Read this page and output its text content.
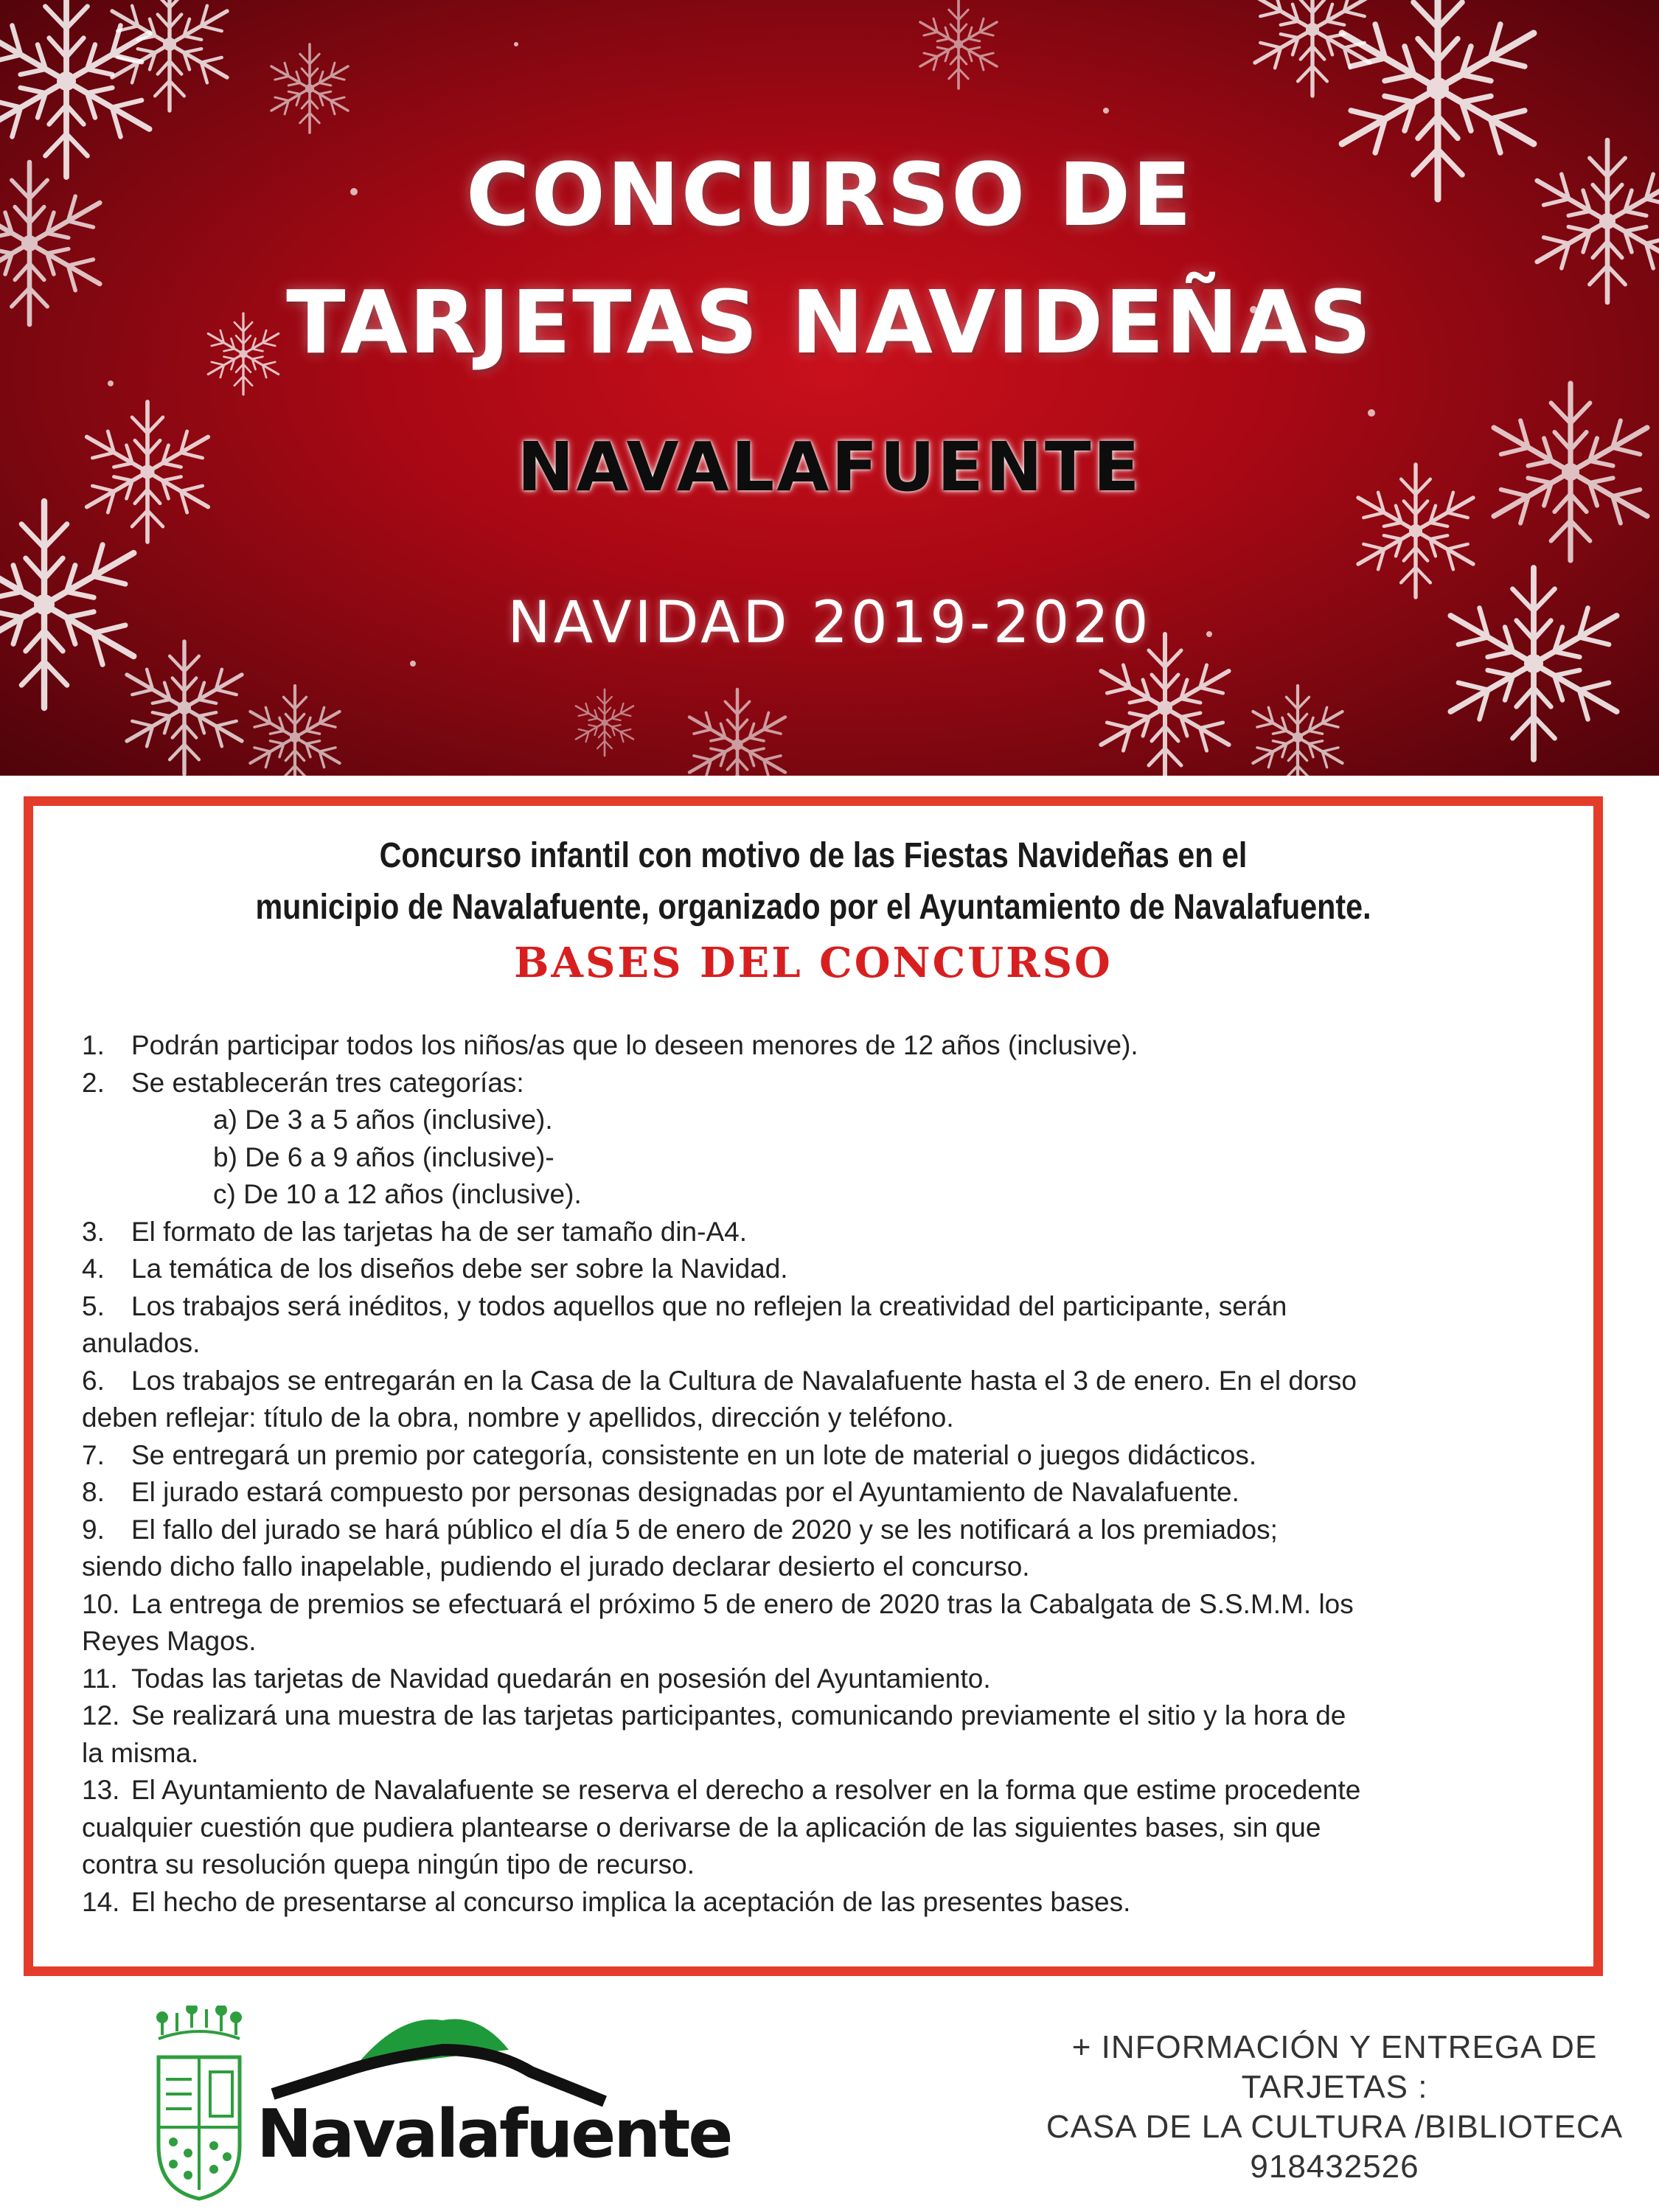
CONCURSO DE
TARJETAS NAVIDEÑAS
NAVALAFUENTE
NAVIDAD 2019-2020
Concurso infantil con motivo de las Fiestas Navideñas en el
municipio de Navalafuente, organizado por el Ayuntamiento de Navalafuente.
BASES DEL CONCURSO
1. Podrán participar todos los niños/as que lo deseen menores de 12 años (inclusive).
2. Se establecerán tres categorías:
a) De 3 a 5 años (inclusive).
b) De 6 a 9 años (inclusive)-
c) De 10 a 12 años (inclusive).
3. El formato de las tarjetas ha de ser tamaño din-A4.
4. La temática de los diseños debe ser sobre la Navidad.
5. Los trabajos será inéditos, y todos aquellos que no reflejen la creatividad del participante, serán
anulados.
6. Los trabajos se entregarán en la Casa de la Cultura de Navalafuente hasta el 3 de enero. En el dorso
deben reflejar: título de la obra, nombre y apellidos, dirección y teléfono.
7. Se entregará un premio por categoría, consistente en un lote de material o juegos didácticos.
8. El jurado estará compuesto por personas designadas por el Ayuntamiento de Navalafuente.
9. El fallo del jurado se hará público el día 5 de enero de 2020 y se les notificará a los premiados;
siendo dicho fallo inapelable, pudiendo el jurado declarar desierto el concurso.
10. La entrega de premios se efectuará el próximo 5 de enero de 2020 tras la Cabalgata de S.S.M.M. los
Reyes Magos.
11. Todas las tarjetas de Navidad quedarán en posesión del Ayuntamiento.
12. Se realizará una muestra de las tarjetas participantes, comunicando previamente el sitio y la hora de
la misma.
13. El Ayuntamiento de Navalafuente se reserva el derecho a resolver en la forma que estime procedente
cualquier cuestión que pudiera plantearse o derivarse de la aplicación de las siguientes bases, sin que
contra su resolución quepa ningún tipo de recurso.
14. El hecho de presentarse al concurso implica la aceptación de las presentes bases.
Navalafuente
+ INFORMACIÓN Y ENTREGA DE
TARJETAS :
CASA DE LA CULTURA /BIBLIOTECA
918432526
